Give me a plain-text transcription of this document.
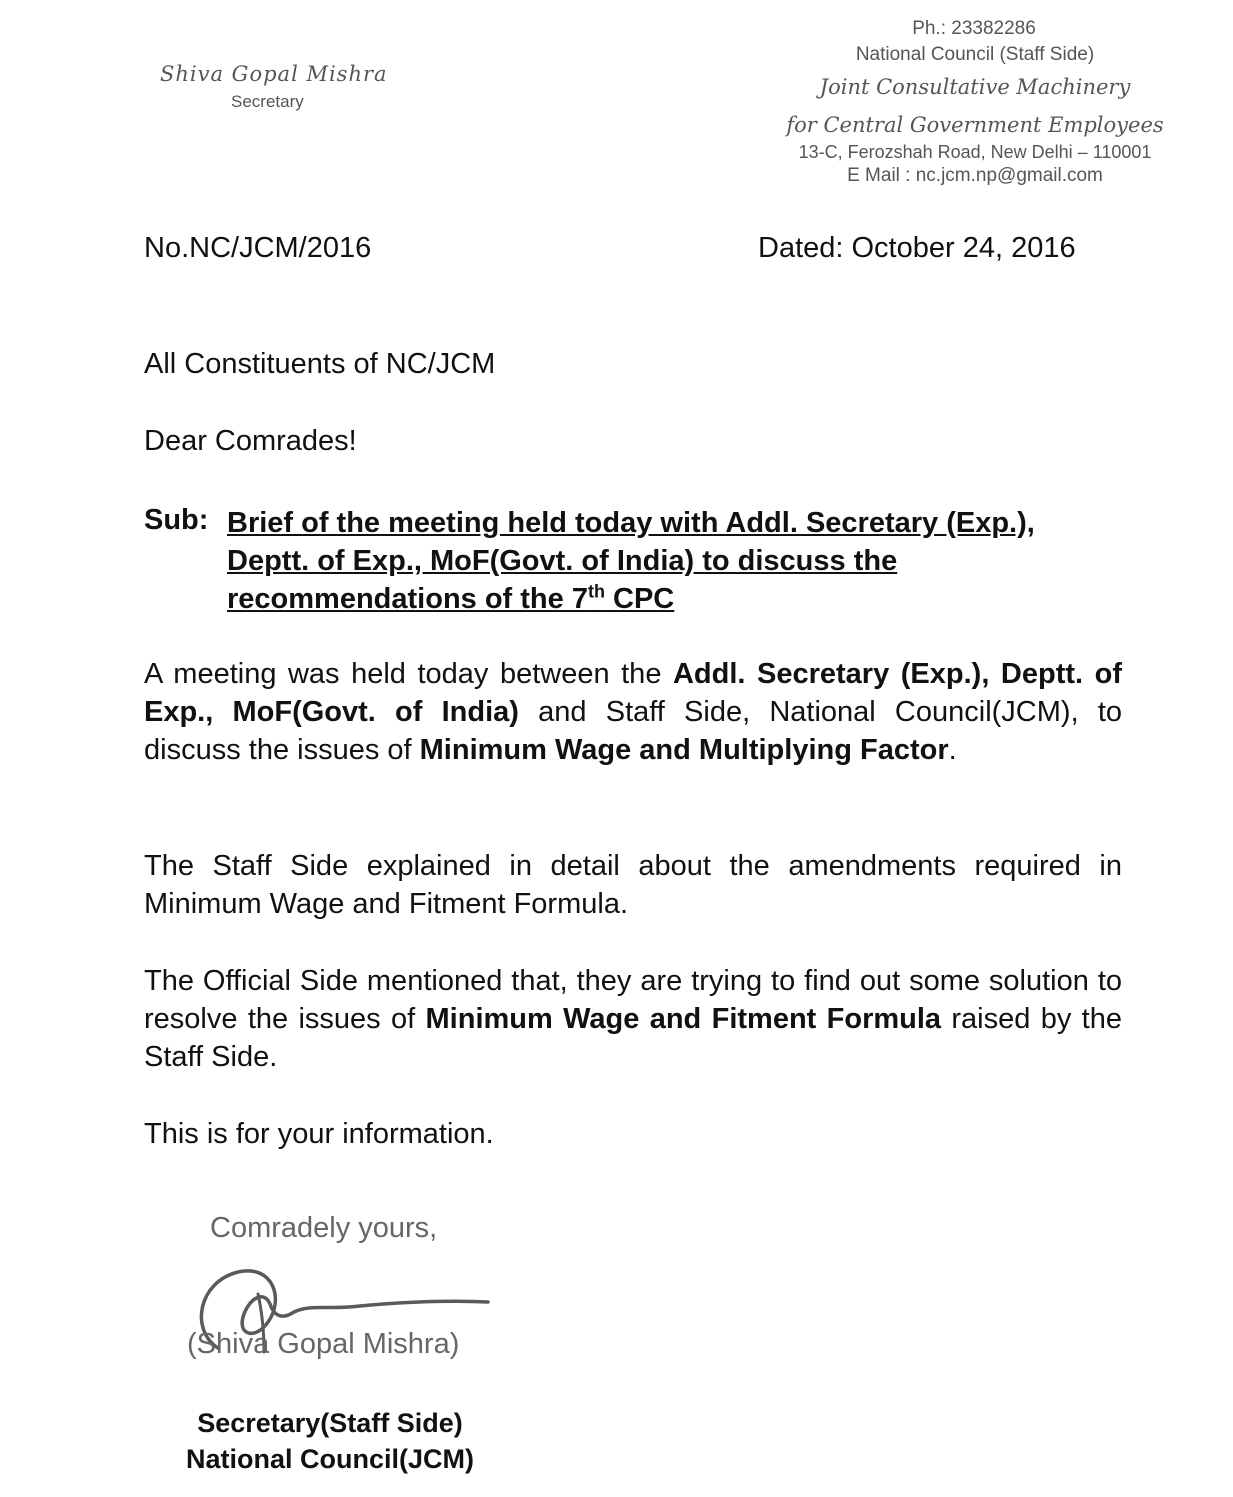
Shiva Gopal Mishra
Secretary
Ph.: 23382286
National Council (Staff Side)
Joint Consultative Machinery
for Central Government Employees
13-C, Ferozshah Road, New Delhi – 110001
E Mail : nc.jcm.np@gmail.com
No.NC/JCM/2016	Dated: October 24, 2016
All Constituents of NC/JCM
Dear Comrades!
Sub: Brief of the meeting held today with Addl. Secretary (Exp.), Deptt. of Exp., MoF(Govt. of India) to discuss the recommendations of the 7th CPC
A meeting was held today between the Addl. Secretary (Exp.), Deptt. of Exp., MoF(Govt. of India) and Staff Side, National Council(JCM), to discuss the issues of Minimum Wage and Multiplying Factor.
The Staff Side explained in detail about the amendments required in Minimum Wage and Fitment Formula.
The Official Side mentioned that, they are trying to find out some solution to resolve the issues of Minimum Wage and Fitment Formula raised by the Staff Side.
This is for your information.
Comradely yours,
(Shiva Gopal Mishra)
Secretary(Staff Side)
National Council(JCM)
